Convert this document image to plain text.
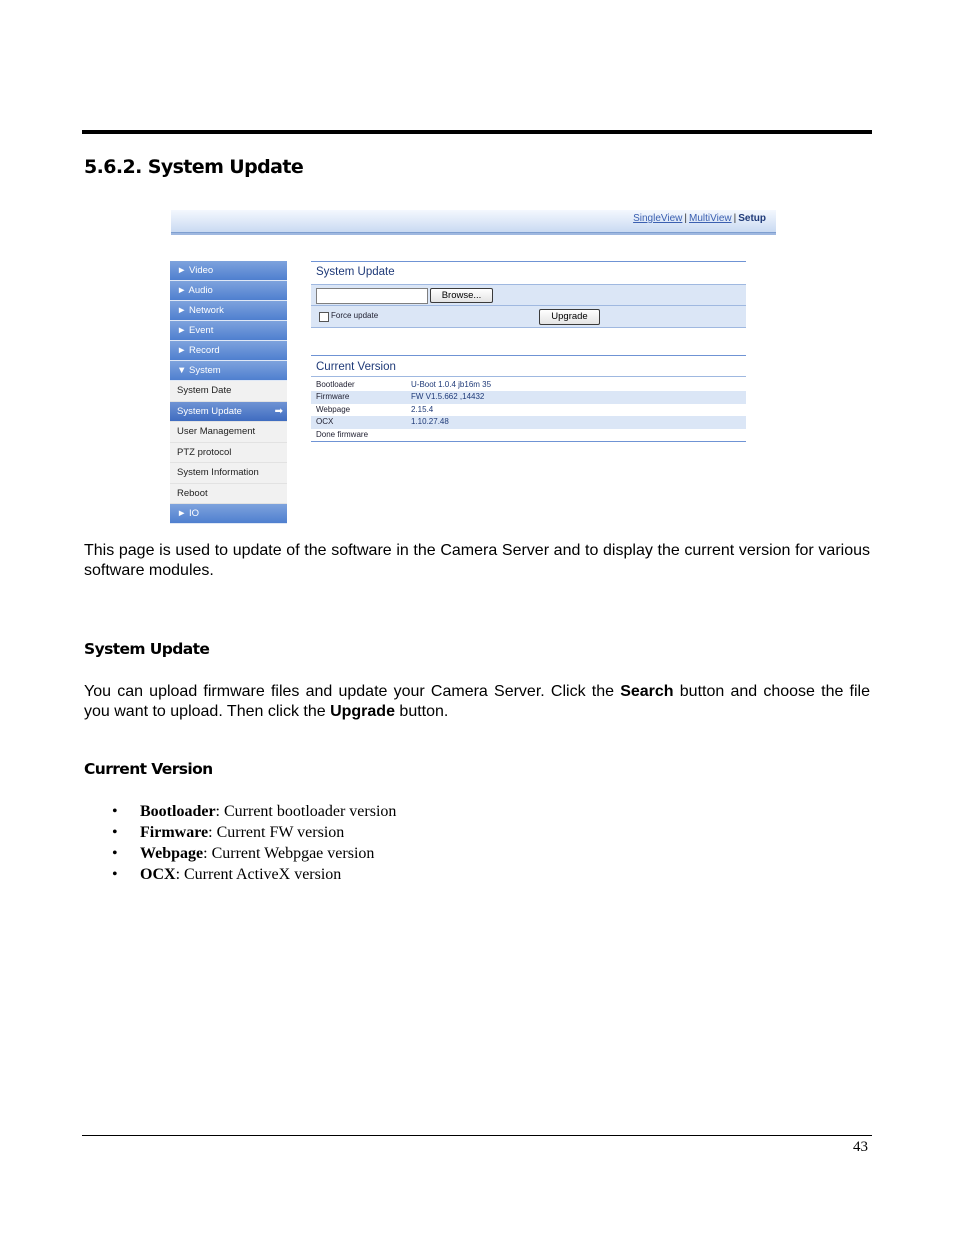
5.6.2. System Update
SingleView | MultiView | Setup
► Video
► Audio
► Network
► Event
► Record
▼ System
System Date
System Update	➡
User Management
PTZ protocol
System Information
Reboot
► IO
System Update
Browse...
Force update	Upgrade
Current Version
Bootloader	U-Boot 1.0.4 jb16m 35
Firmware	FW V1.5.662 ,14432
Webpage	2.15.4
OCX	1.10.27.48
Done firmware
This page is used to update of the software in the Camera Server and to display the current version for various software modules.
System Update
You can upload firmware files and update your Camera Server. Click the Search button and choose the file you want to upload. Then click the Upgrade button.
Current Version
• Bootloader: Current bootloader version
• Firmware: Current FW version
• Webpage: Current Webpgae version
• OCX: Current ActiveX version
43
